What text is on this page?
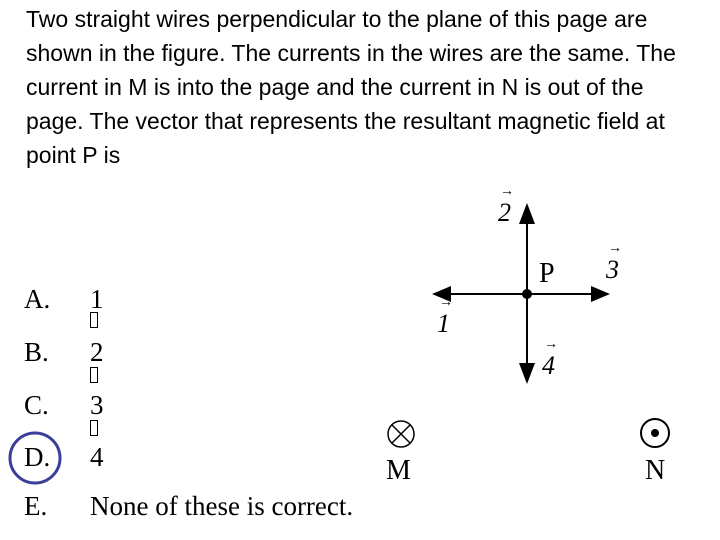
Two straight wires perpendicular to the plane of this page are shown in the figure. The currents in the wires are the same. The current in M is into the page and the current in N is out of the page. The vector that represents the resultant magnetic field at point P is

A. 1
B. 2
C. 3
D. 4
E. None of these is correct.
P
→
2
→
3
→
1
→
4
M	N
